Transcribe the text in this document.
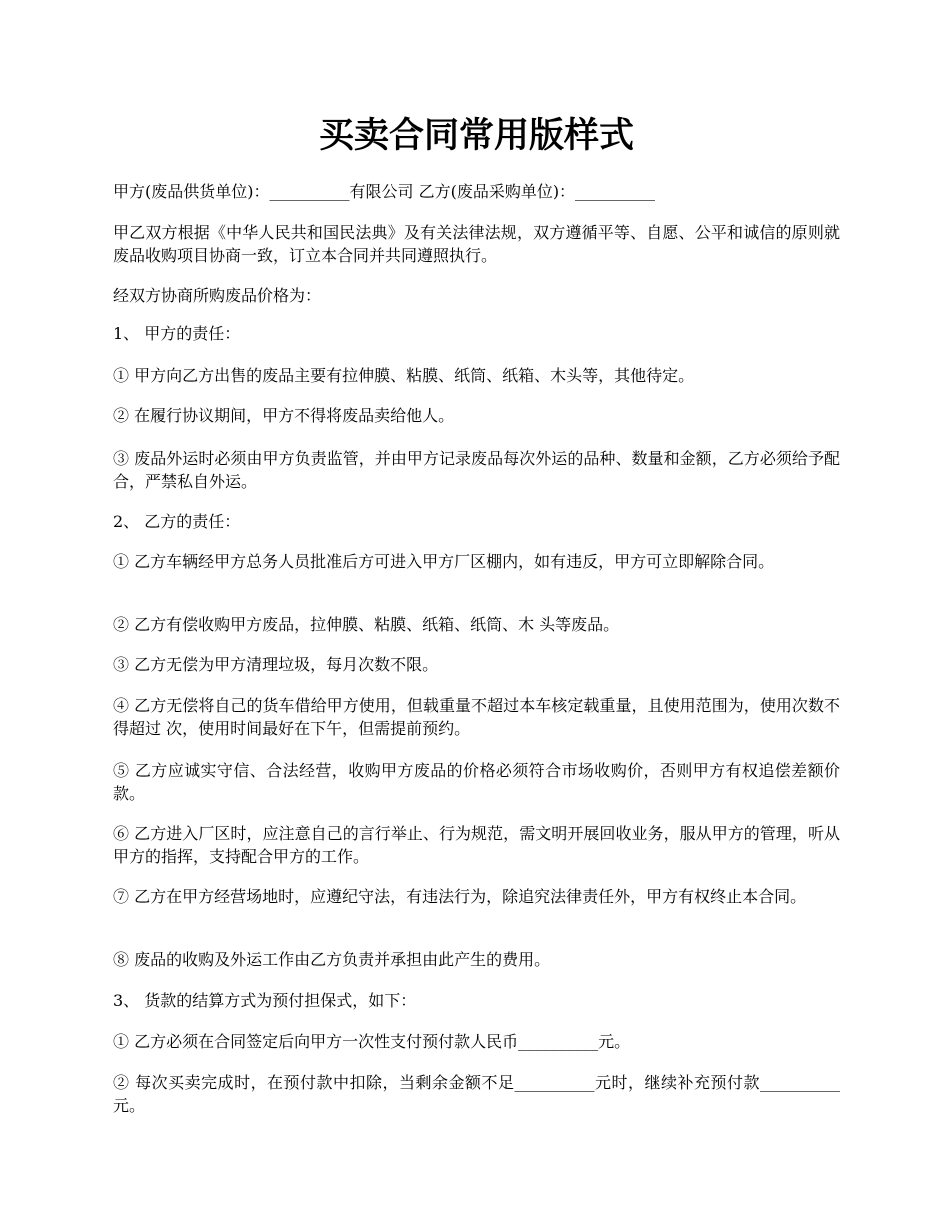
买卖合同常用版样式

甲方(废品供货单位)：__________有限公司 乙方(废品采购单位)：__________

甲乙双方根据《中华人民共和国民法典》及有关法律法规，双方遵循平等、自愿、公平和诚信的原则就废品收购项目协商一致，订立本合同并共同遵照执行。

经双方协商所购废品价格为：

1、 甲方的责任：

① 甲方向乙方出售的废品主要有拉伸膜、粘膜、纸筒、纸箱、木头等，其他待定。

② 在履行协议期间，甲方不得将废品卖给他人。

③ 废品外运时必须由甲方负责监管，并由甲方记录废品每次外运的品种、数量和金额，乙方必须给予配合，严禁私自外运。

2、 乙方的责任：

① 乙方车辆经甲方总务人员批准后方可进入甲方厂区棚内，如有违反，甲方可立即解除合同。

② 乙方有偿收购甲方废品，拉伸膜、粘膜、纸箱、纸筒、木 头等废品。

③ 乙方无偿为甲方清理垃圾，每月次数不限。

④ 乙方无偿将自己的货车借给甲方使用，但载重量不超过本车核定载重量，且使用范围为，使用次数不得超过 次，使用时间最好在下午，但需提前预约。

⑤ 乙方应诚实守信、合法经营，收购甲方废品的价格必须符合市场收购价，否则甲方有权追偿差额价款。

⑥ 乙方进入厂区时，应注意自己的言行举止、行为规范，需文明开展回收业务，服从甲方的管理，听从甲方的指挥，支持配合甲方的工作。

⑦ 乙方在甲方经营场地时，应遵纪守法，有违法行为，除追究法律责任外，甲方有权终止本合同。

⑧ 废品的收购及外运工作由乙方负责并承担由此产生的费用。

3、 货款的结算方式为预付担保式，如下：

① 乙方必须在合同签定后向甲方一次性支付预付款人民币__________元。

② 每次买卖完成时，在预付款中扣除，当剩余金额不足__________元时，继续补充预付款__________元。
